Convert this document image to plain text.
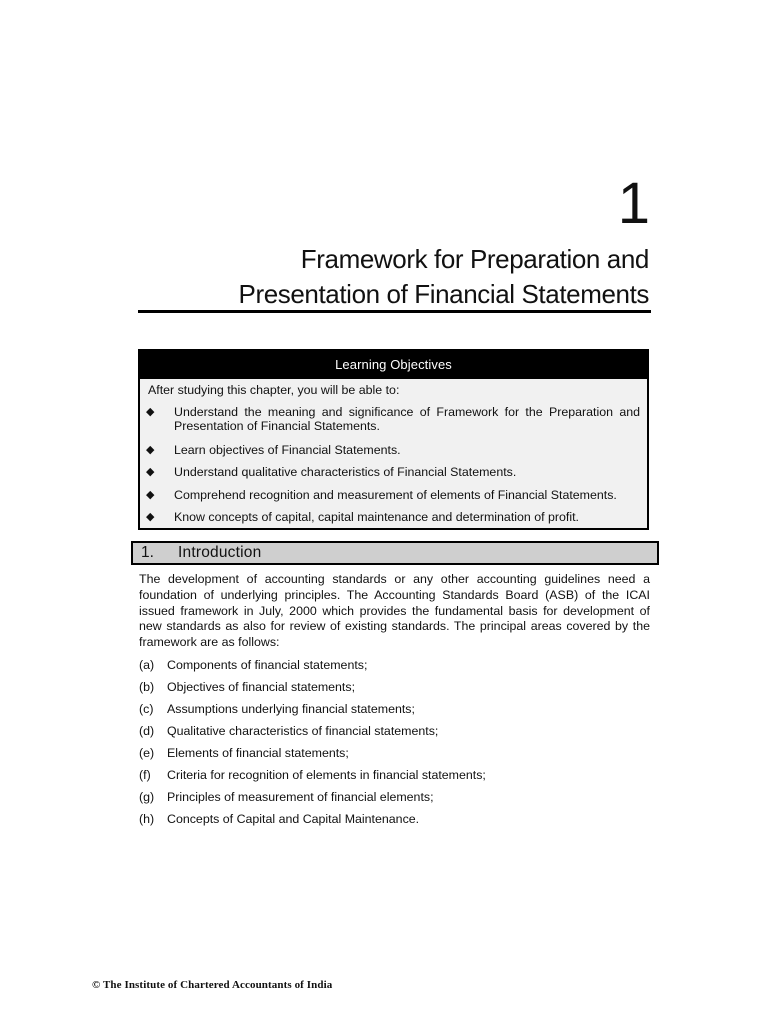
1
Framework for Preparation and
Presentation of Financial Statements
Learning Objectives
After studying this chapter, you will be able to:
◆ Understand the meaning and significance of Framework for the Preparation and Presentation of Financial Statements.
◆ Learn objectives of Financial Statements.
◆ Understand qualitative characteristics of Financial Statements.
◆ Comprehend recognition and measurement of elements of Financial Statements.
◆ Know concepts of capital, capital maintenance and determination of profit.
1. Introduction

The development of accounting standards or any other accounting guidelines need a foundation of underlying principles. The Accounting Standards Board (ASB) of the ICAI issued framework in July, 2000 which provides the fundamental basis for development of new standards as also for review of existing standards. The principal areas covered by the framework are as follows:

(a) Components of financial statements;
(b) Objectives of financial statements;
(c) Assumptions underlying financial statements;
(d) Qualitative characteristics of financial statements;
(e) Elements of financial statements;
(f) Criteria for recognition of elements in financial statements;
(g) Principles of measurement of financial elements;
(h) Concepts of Capital and Capital Maintenance.
© The Institute of Chartered Accountants of India
